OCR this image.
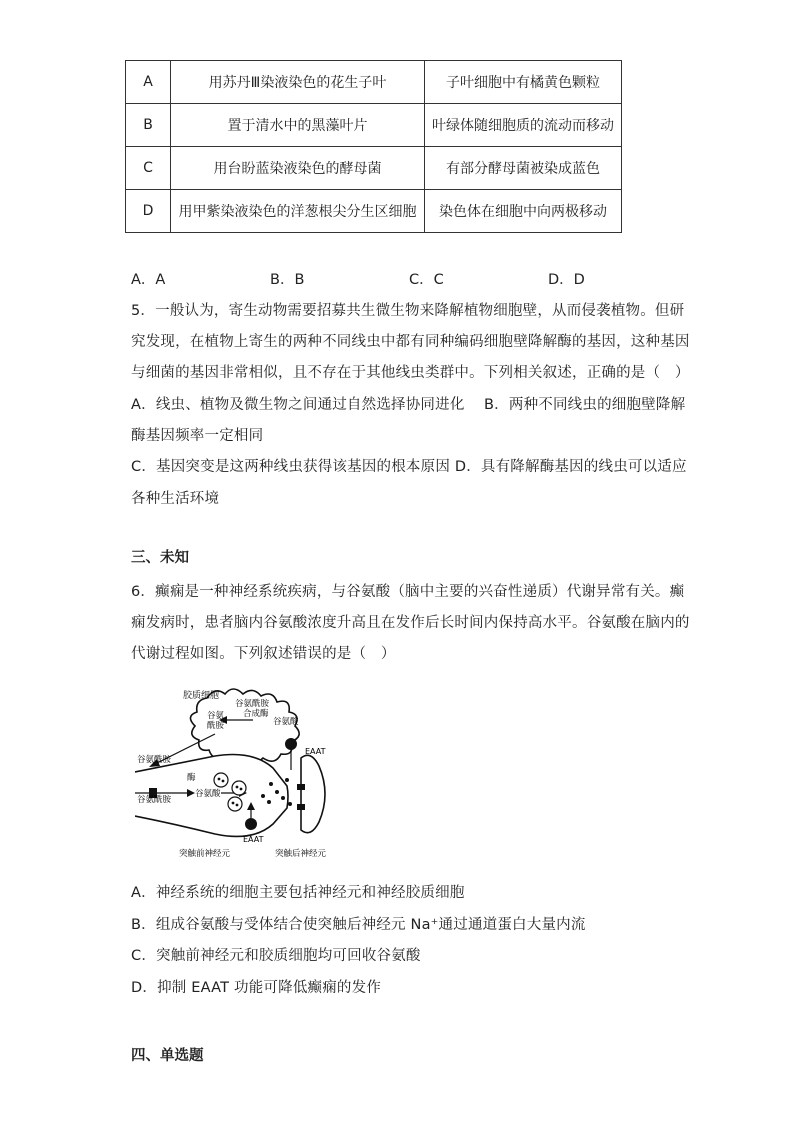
A	用苏丹Ⅲ染液染色的花生子叶	子叶细胞中有橘黄色颗粒
B	置于清水中的黑藻叶片	叶绿体随细胞质的流动而移动
C	用台盼蓝染液染色的酵母菌	有部分酵母菌被染成蓝色
D	用甲紫染液染色的洋葱根尖分生区细胞	染色体在细胞中向两极移动
A．A	B．B	C．C	D．D
5．一般认为，寄生动物需要招募共生微生物来降解植物细胞壁，从而侵袭植物。但研
究发现，在植物上寄生的两种不同线虫中都有同种编码细胞壁降解酶的基因，这种基因
与细菌的基因非常相似，且不存在于其他线虫类群中。下列相关叙述，正确的是（　）
A．线虫、植物及微生物之间通过自然选择协同进化　 B．两种不同线虫的细胞壁降解
酶基因频率一定相同
C．基因突变是这两种线虫获得该基因的根本原因 D．具有降解酶基因的线虫可以适应
各种生活环境
三、未知
6．癫痫是一种神经系统疾病，与谷氨酸（脑中主要的兴奋性递质）代谢异常有关。癫
痫发病时，患者脑内谷氨酸浓度升高且在发作后长时间内保持高水平。谷氨酸在脑内的
代谢过程如图。下列叙述错误的是（　）
胶质细胞
谷氨酰胺
合成酶
谷氨
酰胺	谷氨酸
EAAT
谷氨酰胺
酶
谷氨酰胺
谷氨酸
EAAT
突触前神经元	突触后神经元
A．神经系统的细胞主要包括神经元和神经胶质细胞
B．组成谷氨酸与受体结合使突触后神经元 Na⁺通过通道蛋白大量内流
C．突触前神经元和胶质细胞均可回收谷氨酸
D．抑制 EAAT 功能可降低癫痫的发作
四、单选题
